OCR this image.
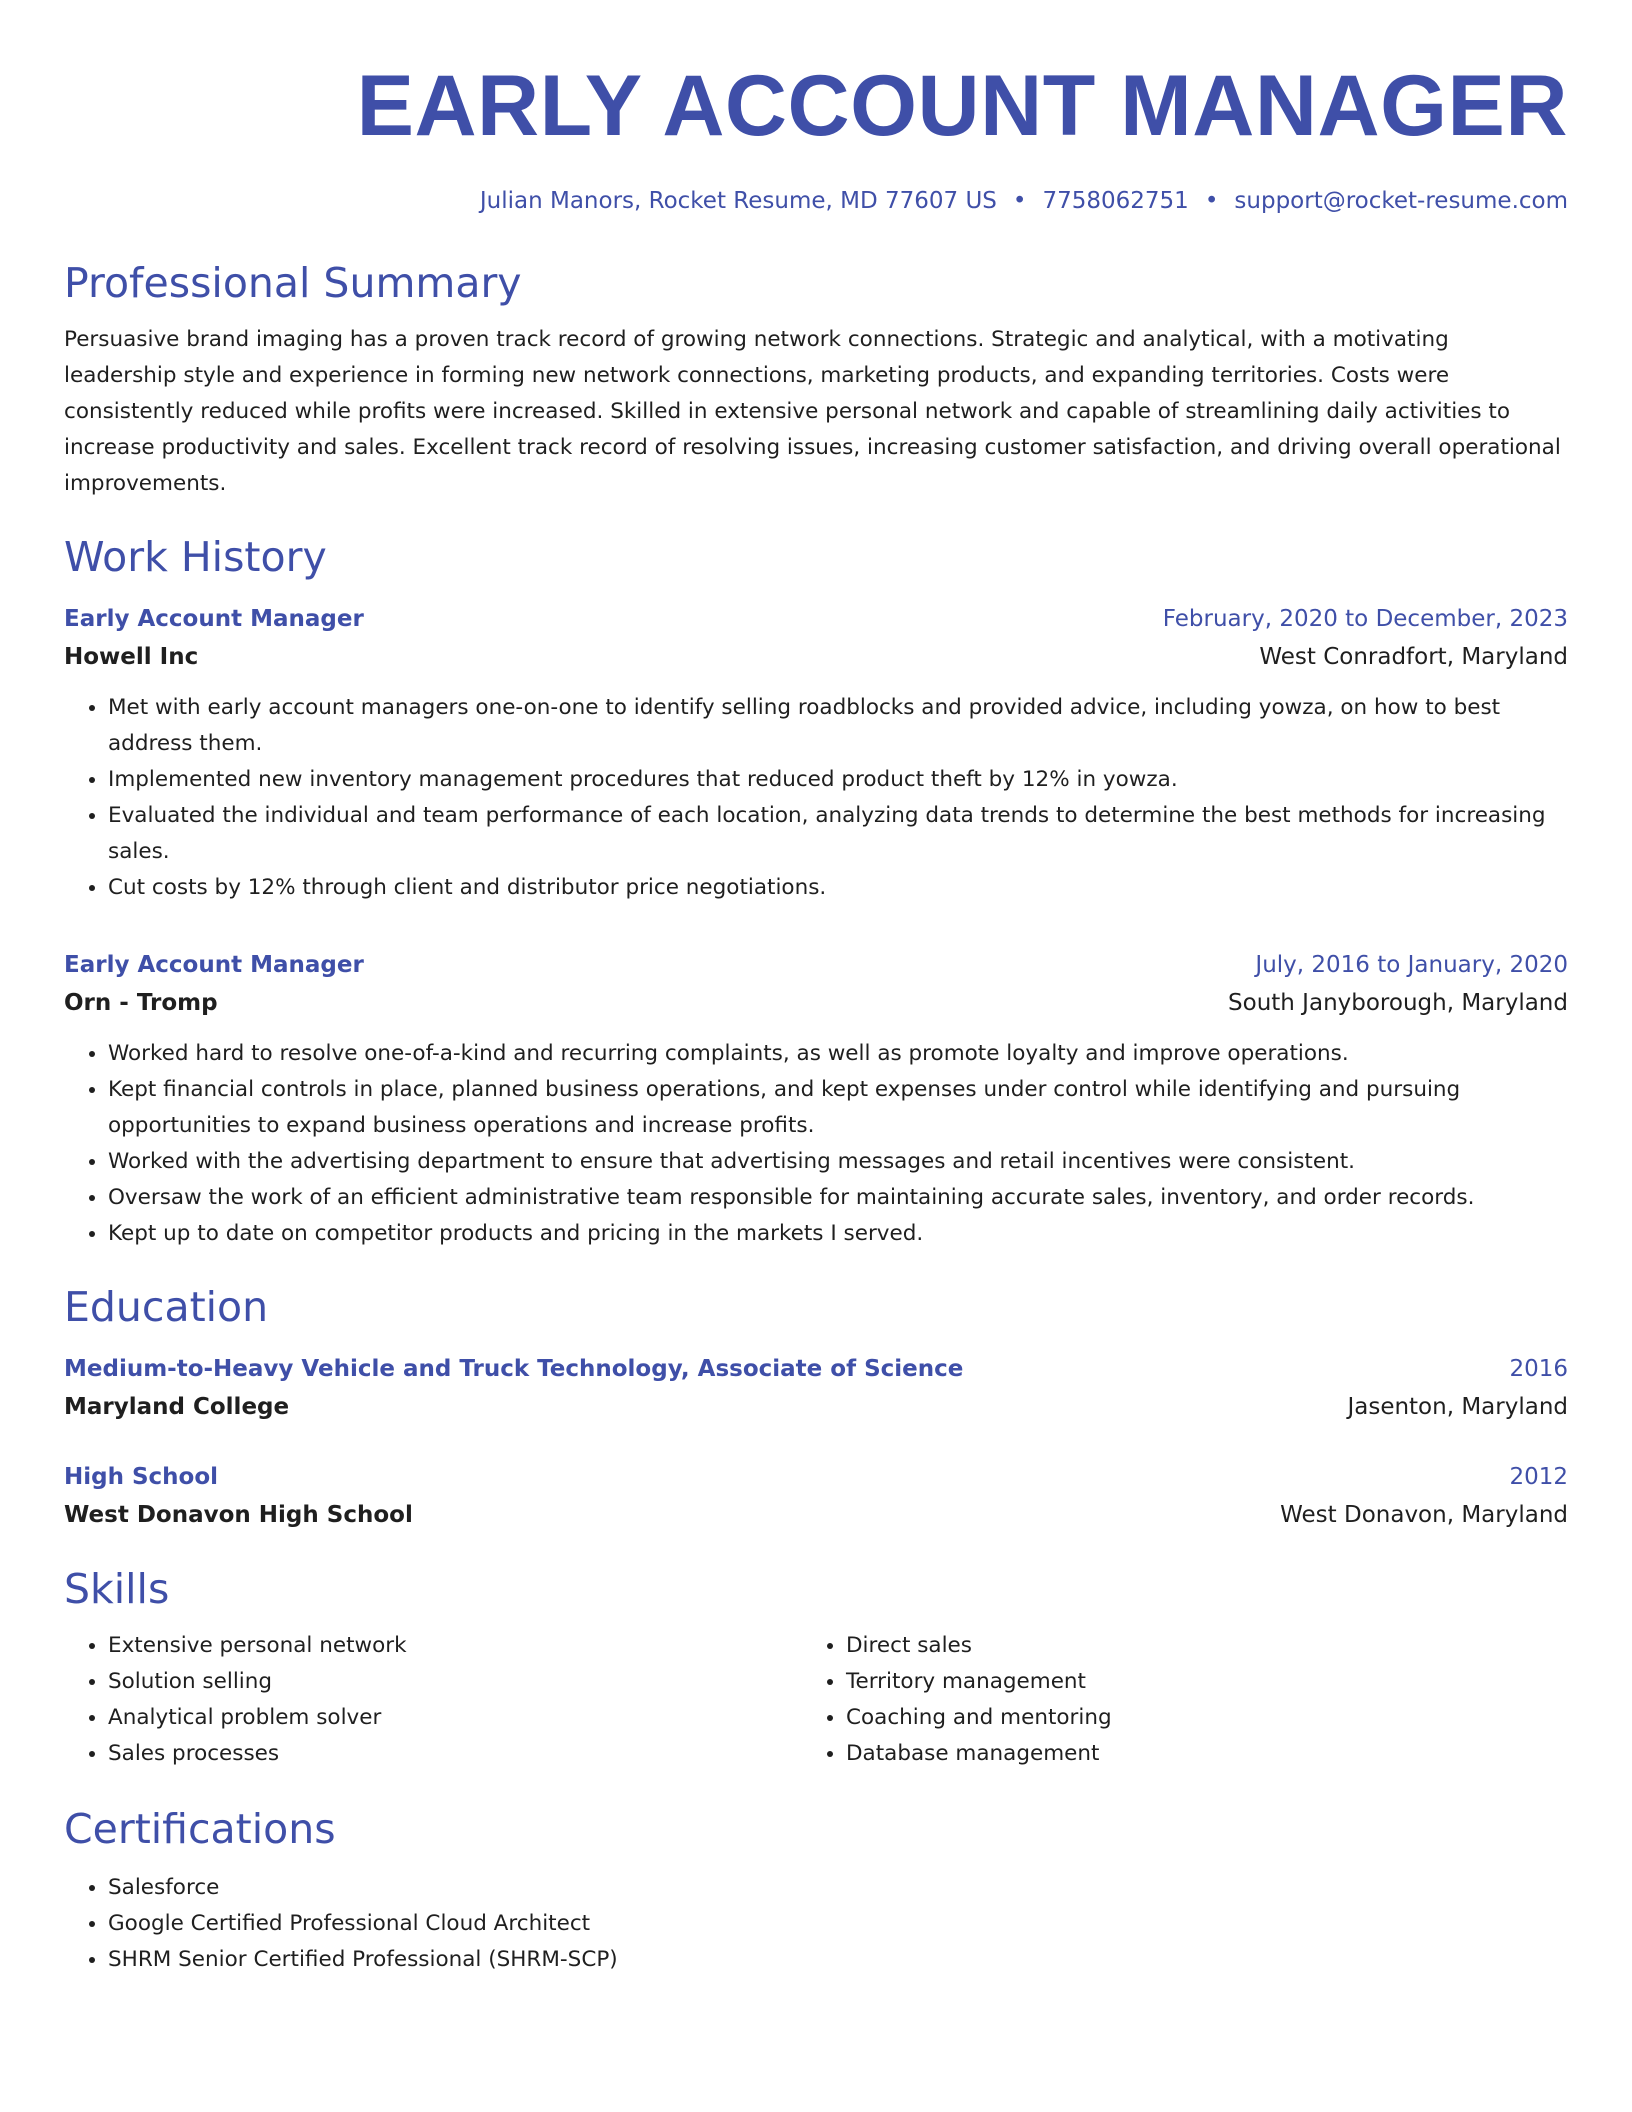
EARLY ACCOUNT MANAGER
Julian Manors, Rocket Resume, MD 77607 US • 7758062751 • support@rocket-resume.com
Professional Summary

Persuasive brand imaging has a proven track record of growing network connections. Strategic and analytical, with a motivating leadership style and experience in forming new network connections, marketing products, and expanding territories. Costs were consistently reduced while profits were increased. Skilled in extensive personal network and capable of streamlining daily activities to increase productivity and sales. Excellent track record of resolving issues, increasing customer satisfaction, and driving overall operational improvements.

Work History
Early Account Manager	February, 2020 to December, 2023
Howell Inc	West Conradfort, Maryland
• Met with early account managers one-on-one to identify selling roadblocks and provided advice, including yowza, on how to best address them.
• Implemented new inventory management procedures that reduced product theft by 12% in yowza.
• Evaluated the individual and team performance of each location, analyzing data trends to determine the best methods for increasing sales.
• Cut costs by 12% through client and distributor price negotiations.
Early Account Manager	July, 2016 to January, 2020
Orn - Tromp	South Janyborough, Maryland
• Worked hard to resolve one-of-a-kind and recurring complaints, as well as promote loyalty and improve operations.
• Kept financial controls in place, planned business operations, and kept expenses under control while identifying and pursuing opportunities to expand business operations and increase profits.
• Worked with the advertising department to ensure that advertising messages and retail incentives were consistent.
• Oversaw the work of an efficient administrative team responsible for maintaining accurate sales, inventory, and order records.
• Kept up to date on competitor products and pricing in the markets I served.
Education
Medium-to-Heavy Vehicle and Truck Technology, Associate of Science	2016
Maryland College	Jasenton, Maryland
High School	2012
West Donavon High School	West Donavon, Maryland
Skills
• Extensive personal network
• Solution selling
• Analytical problem solver
• Sales processes
• Direct sales
• Territory management
• Coaching and mentoring
• Database management
Certifications
• Salesforce
• Google Certified Professional Cloud Architect
• SHRM Senior Certified Professional (SHRM-SCP)
